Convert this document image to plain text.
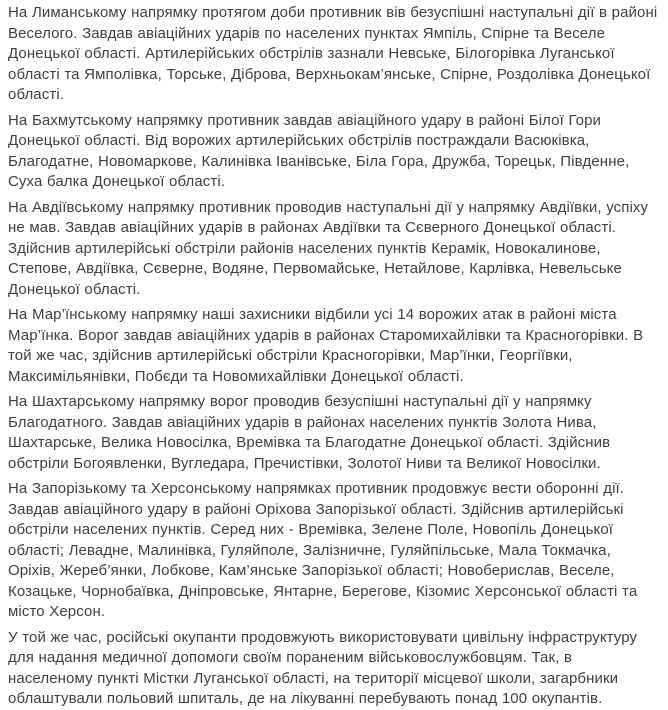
На Лиманському напрямку протягом доби противник вів безуспішні наступальні дії в районі Веселого. Завдав авіаційних ударів по населених пунктах Ямпіль, Спірне та Веселе Донецької області. Артилерійських обстрілів зазнали Невське, Білогорівка Луганської області та Ямполівка, Торське, Діброва, Верхньокам’янське, Спірне, Роздолівка Донецької області.

На Бахмутському напрямку противник завдав авіаційного удару в районі Білої Гори Донецької області. Від ворожих артилерійських обстрілів постраждали Васюківка, Благодатне, Новомаркове, Калинівка Іванівське, Біла Гора, Дружба, Торецьк, Південне, Суха балка Донецької області.

На Авдіївському напрямку противник проводив наступальні дії у напрямку Авдіївки, успіху не мав. Завдав авіаційних ударів в районах Авдіївки та Сєверного Донецької області. Здійснив артилерійські обстріли районів населених пунктів Керамік, Новокалинове, Степове, Авдіївка, Сєверне, Водяне, Первомайське, Нетайлове, Карлівка, Невельське Донецької області.

На Мар’їнському напрямку наші захисники відбили усі 14 ворожих атак в районі міста Мар’їнка. Ворог завдав авіаційних ударів в районах Старомихайлівки та Красногорівки. В той же час, здійснив артилерійські обстріли Красногорівки, Мар’їнки, Георгіївки, Максимільянівки, Побєди та Новомихайлівки Донецької області.

На Шахтарському напрямку ворог проводив безуспішні наступальні дії у напрямку Благодатного. Завдав авіаційних ударів в районах населених пунктів Золота Нива, Шахтарське, Велика Новосілка, Времівка та Благодатне Донецької області. Здійснив обстріли Богоявленки, Вугледара, Пречистівки, Золотої Ниви та Великої Новосілки.

На Запорізькому та Херсонському напрямках противник продовжує вести оборонні дії. Завдав авіаційного удару в районі Оріхова Запорізької області. Здійснив артилерійські обстріли населених пунктів. Серед них - Времівка, Зелене Поле, Новопіль Донецької області; Левадне, Малинівка, Гуляйполе, Залізничне, Гуляйпільське, Мала Токмачка, Оріхів, Жереб’янки, Лобкове, Кам’янське Запорізької області; Новоберислав, Веселе, Козацьке, Чорнобаївка, Дніпровське, Янтарне, Берегове, Кізомис Херсонської області та місто Херсон.

У той же час, російські окупанти продовжують використовувати цивільну інфраструктуру для надання медичної допомоги своїм пораненим військовослужбовцям. Так, в населеному пункті Містки Луганської області, на території місцевої школи, загарбники облаштували польовий шпиталь, де на лікуванні перебувають понад 100 окупантів.
